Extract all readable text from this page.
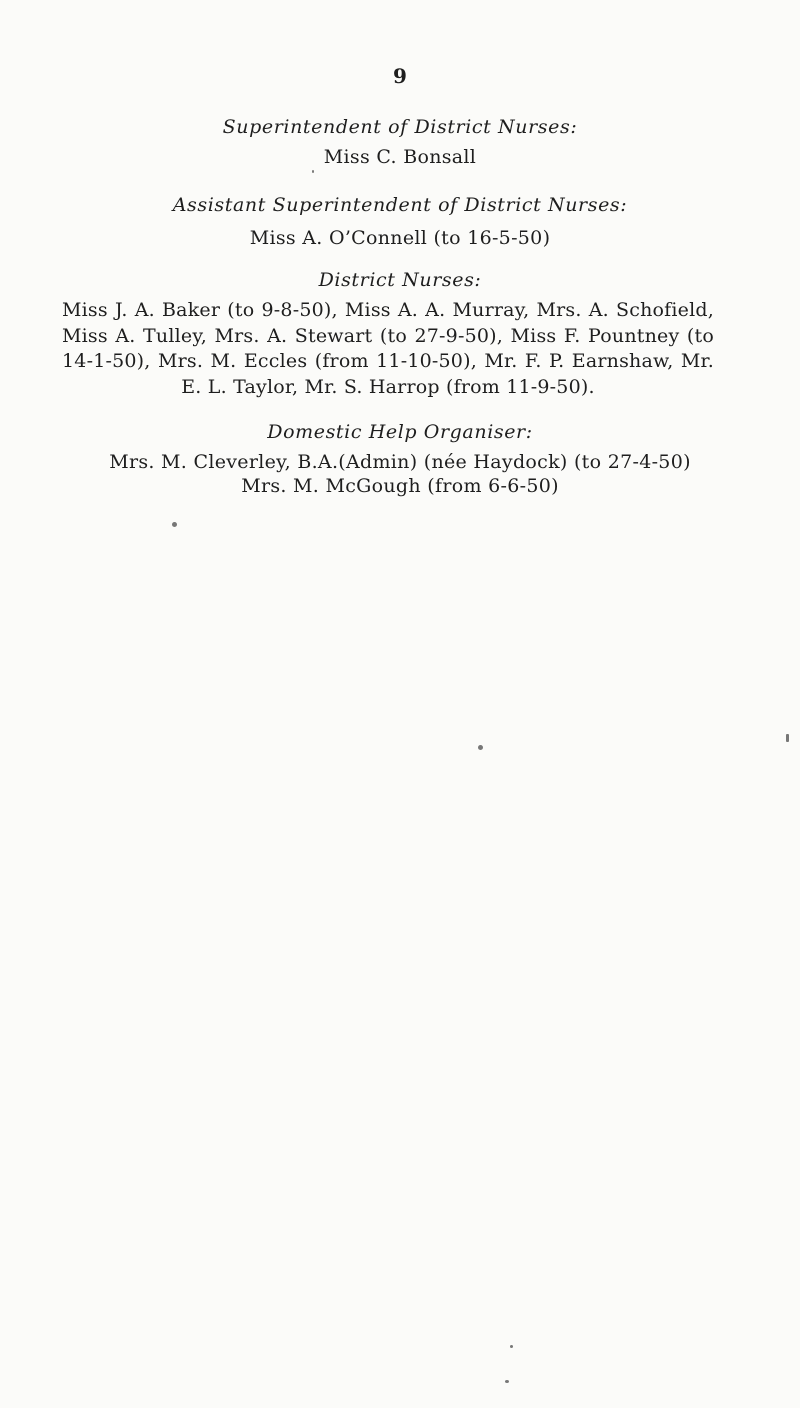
9
Superintendent of District Nurses:
Miss C. Bonsall
Assistant Superintendent of District Nurses:
Miss A. O’Connell (to 16-5-50)
District Nurses:
Miss J. A. Baker (to 9-8-50), Miss A. A. Murray, Mrs. A. Schofield, Miss A. Tulley, Mrs. A. Stewart (to 27-9-50), Miss F. Pountney (to 14-1-50), Mrs. M. Eccles (from 11-10-50), Mr. F. P. Earnshaw, Mr. E. L. Taylor, Mr. S. Harrop (from 11-9-50).
Domestic Help Organiser:
Mrs. M. Cleverley, B.A.(Admin) (née Haydock) (to 27-4-50)
Mrs. M. McGough (from 6-6-50)
